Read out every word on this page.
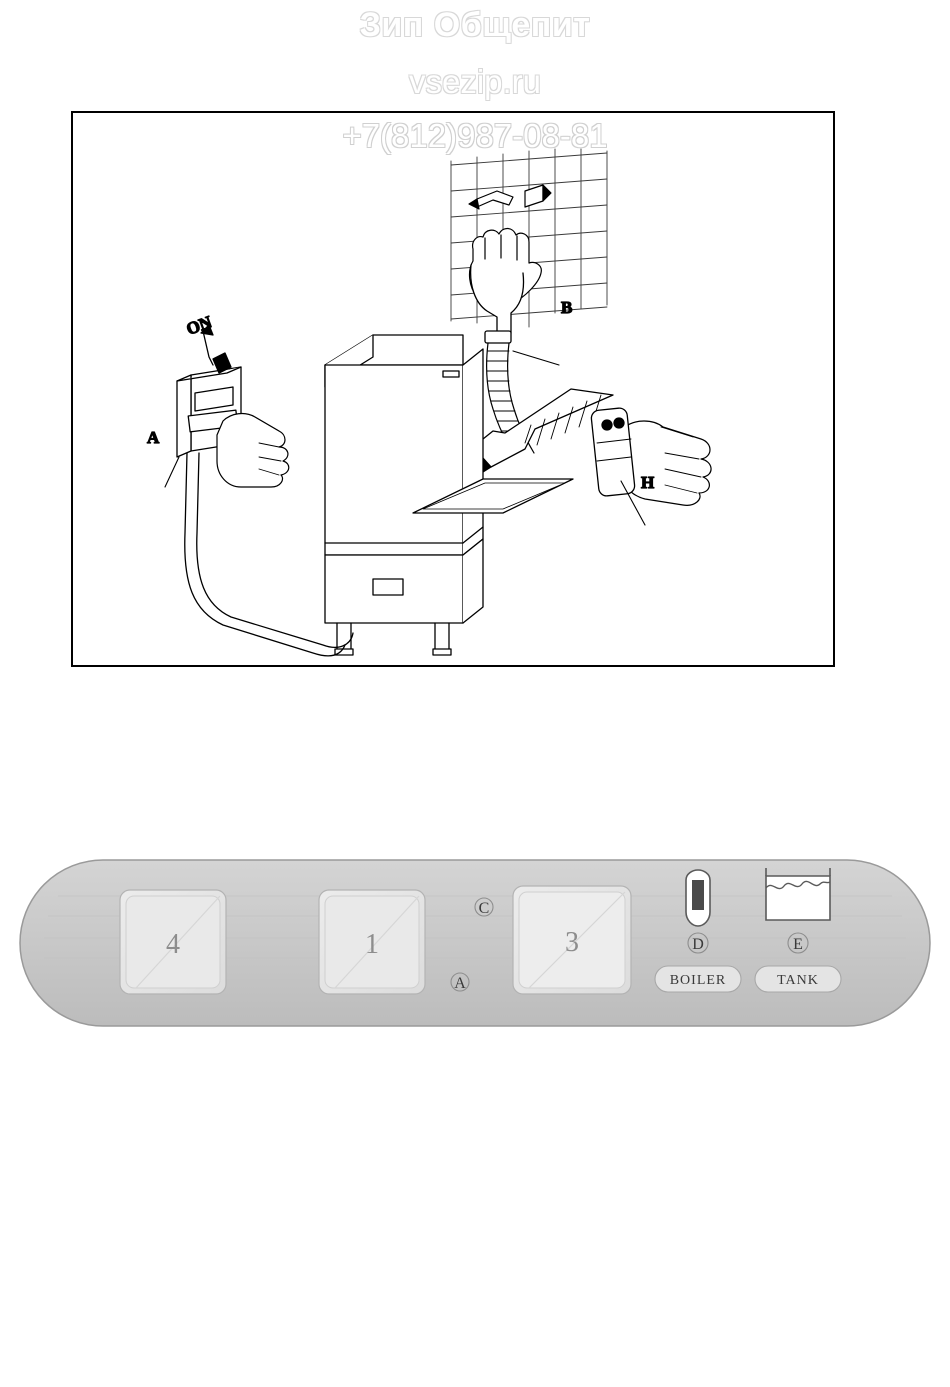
Зип Общепит
vsezip.ru
+7(812)987-08-81
ON
B
A
H
4	1
C
A
3	D
BOILER
E
TANK
